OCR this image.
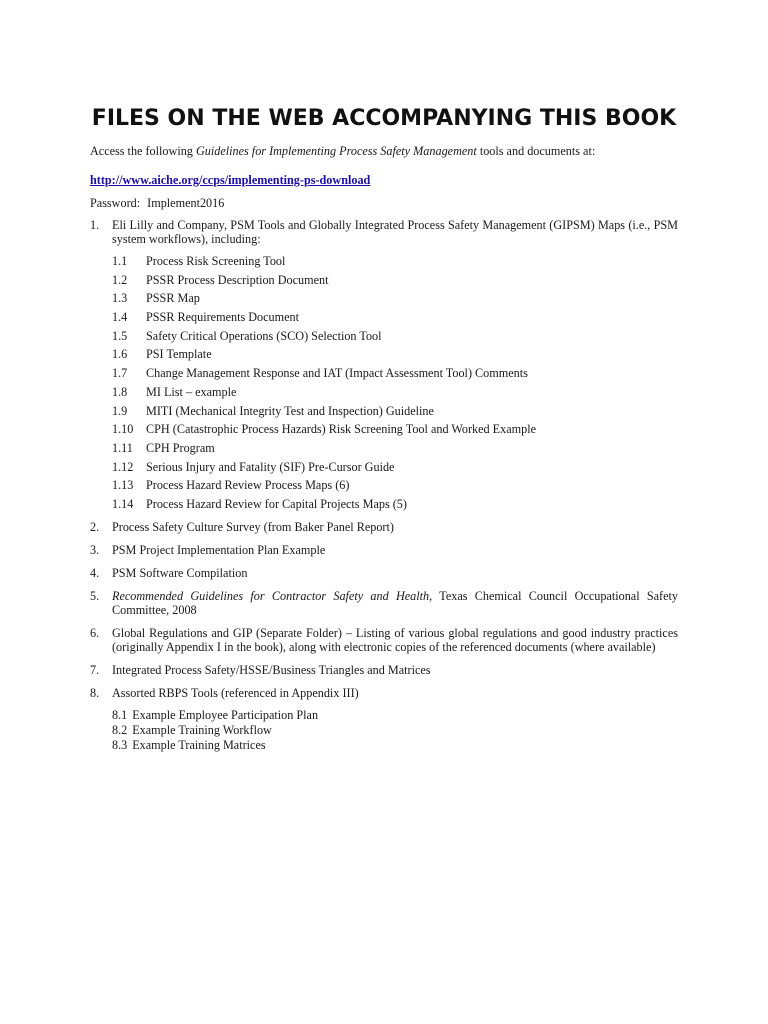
FILES ON THE WEB ACCOMPANYING THIS BOOK

Access the following Guidelines for Implementing Process Safety Management tools and documents at:

http://www.aiche.org/ccps/implementing-ps-download

Password: Implement2016

1. Eli Lilly and Company, PSM Tools and Globally Integrated Process Safety Management (GIPSM) Maps (i.e., PSM system workflows), including:
1.1 Process Risk Screening Tool
1.2 PSSR Process Description Document
1.3 PSSR Map
1.4 PSSR Requirements Document
1.5 Safety Critical Operations (SCO) Selection Tool
1.6 PSI Template
1.7 Change Management Response and IAT (Impact Assessment Tool) Comments
1.8 MI List – example
1.9 MITI (Mechanical Integrity Test and Inspection) Guideline
1.10 CPH (Catastrophic Process Hazards) Risk Screening Tool and Worked Example
1.11 CPH Program
1.12 Serious Injury and Fatality (SIF) Pre-Cursor Guide
1.13 Process Hazard Review Process Maps (6)
1.14 Process Hazard Review for Capital Projects Maps (5)
2. Process Safety Culture Survey (from Baker Panel Report)
3. PSM Project Implementation Plan Example
4. PSM Software Compilation
5. Recommended Guidelines for Contractor Safety and Health, Texas Chemical Council Occupational Safety Committee, 2008
6. Global Regulations and GIP (Separate Folder) – Listing of various global regulations and good industry practices (originally Appendix I in the book), along with electronic copies of the referenced documents (where available)
7. Integrated Process Safety/HSSE/Business Triangles and Matrices
8. Assorted RBPS Tools (referenced in Appendix III)
8.1 Example Employee Participation Plan
8.2 Example Training Workflow
8.3 Example Training Matrices
